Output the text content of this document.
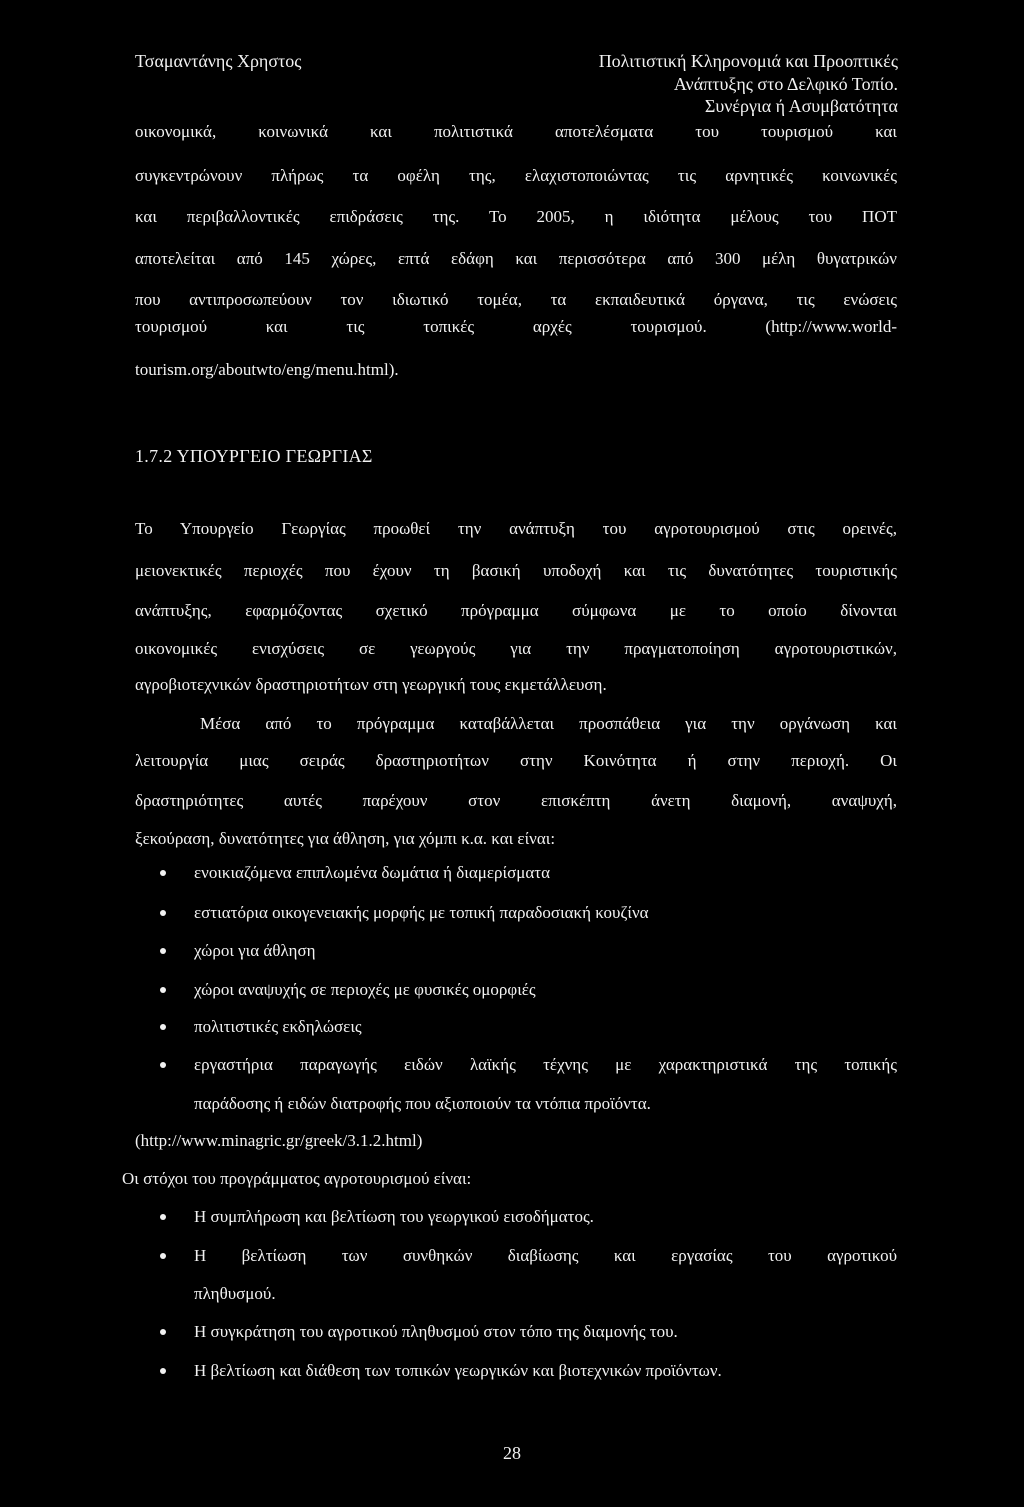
Τσαμαντάνης Χρηστος	Πολιτιστική Κληρονομιά και Προοπτικές
Ανάπτυξης στο Δελφικό Τοπίο.
Συνέργια ή Ασυμβατότητα
οικονομικά, κοινωνικά και πολιτιστικά αποτελέσματα του τουρισμού και
συγκεντρώνουν πλήρως τα οφέλη της, ελαχιστοποιώντας τις αρνητικές κοινωνικές
και περιβαλλοντικές επιδράσεις της. Το 2005, η ιδιότητα μέλους του ΠΟΤ
αποτελείται από 145 χώρες, επτά εδάφη και περισσότερα από 300 μέλη θυγατρικών
που αντιπροσωπεύουν τον ιδιωτικό τομέα, τα εκπαιδευτικά όργανα, τις ενώσεις
τουρισμού και τις τοπικές αρχές τουρισμού. (http://www.world-
tourism.org/aboutwto/eng/menu.html).
1.7.2 ΥΠΟΥΡΓΕΙΟ ΓΕΩΡΓΙΑΣ
Το Υπουργείο Γεωργίας προωθεί την ανάπτυξη του αγροτουρισμού στις ορεινές,
μειονεκτικές περιοχές που έχουν τη βασική υποδοχή και τις δυνατότητες τουριστικής
ανάπτυξης, εφαρμόζοντας σχετικό πρόγραμμα σύμφωνα με το οποίο δίνονται
οικονομικές ενισχύσεις σε γεωργούς για την πραγματοποίηση αγροτουριστικών,
αγροβιοτεχνικών δραστηριοτήτων στη γεωργική τους εκμετάλλευση.
Μέσα από το πρόγραμμα καταβάλλεται προσπάθεια για την οργάνωση και
λειτουργία μιας σειράς δραστηριοτήτων στην Κοινότητα ή στην περιοχή. Οι
δραστηριότητες αυτές παρέχουν στον επισκέπτη άνετη διαμονή, αναψυχή,
ξεκούραση, δυνατότητες για άθληση, για χόμπι κ.α. και είναι:
ενοικιαζόμενα επιπλωμένα δωμάτια ή διαμερίσματα
εστιατόρια οικογενειακής μορφής με τοπική παραδοσιακή κουζίνα
χώροι για άθληση
χώροι αναψυχής σε περιοχές με φυσικές ομορφιές
πολιτιστικές εκδηλώσεις
εργαστήρια παραγωγής ειδών λαϊκής τέχνης με χαρακτηριστικά της τοπικής
παράδοσης ή ειδών διατροφής που αξιοποιούν τα ντόπια προϊόντα.
(http://www.minagric.gr/greek/3.1.2.html)
Οι στόχοι του προγράμματος αγροτουρισμού είναι:
Η συμπλήρωση και βελτίωση του γεωργικού εισοδήματος.
Η βελτίωση των συνθηκών διαβίωσης και εργασίας του αγροτικού
πληθυσμού.
Η συγκράτηση του αγροτικού πληθυσμού στον τόπο της διαμονής του.
Η βελτίωση και διάθεση των τοπικών γεωργικών και βιοτεχνικών προϊόντων.
28
